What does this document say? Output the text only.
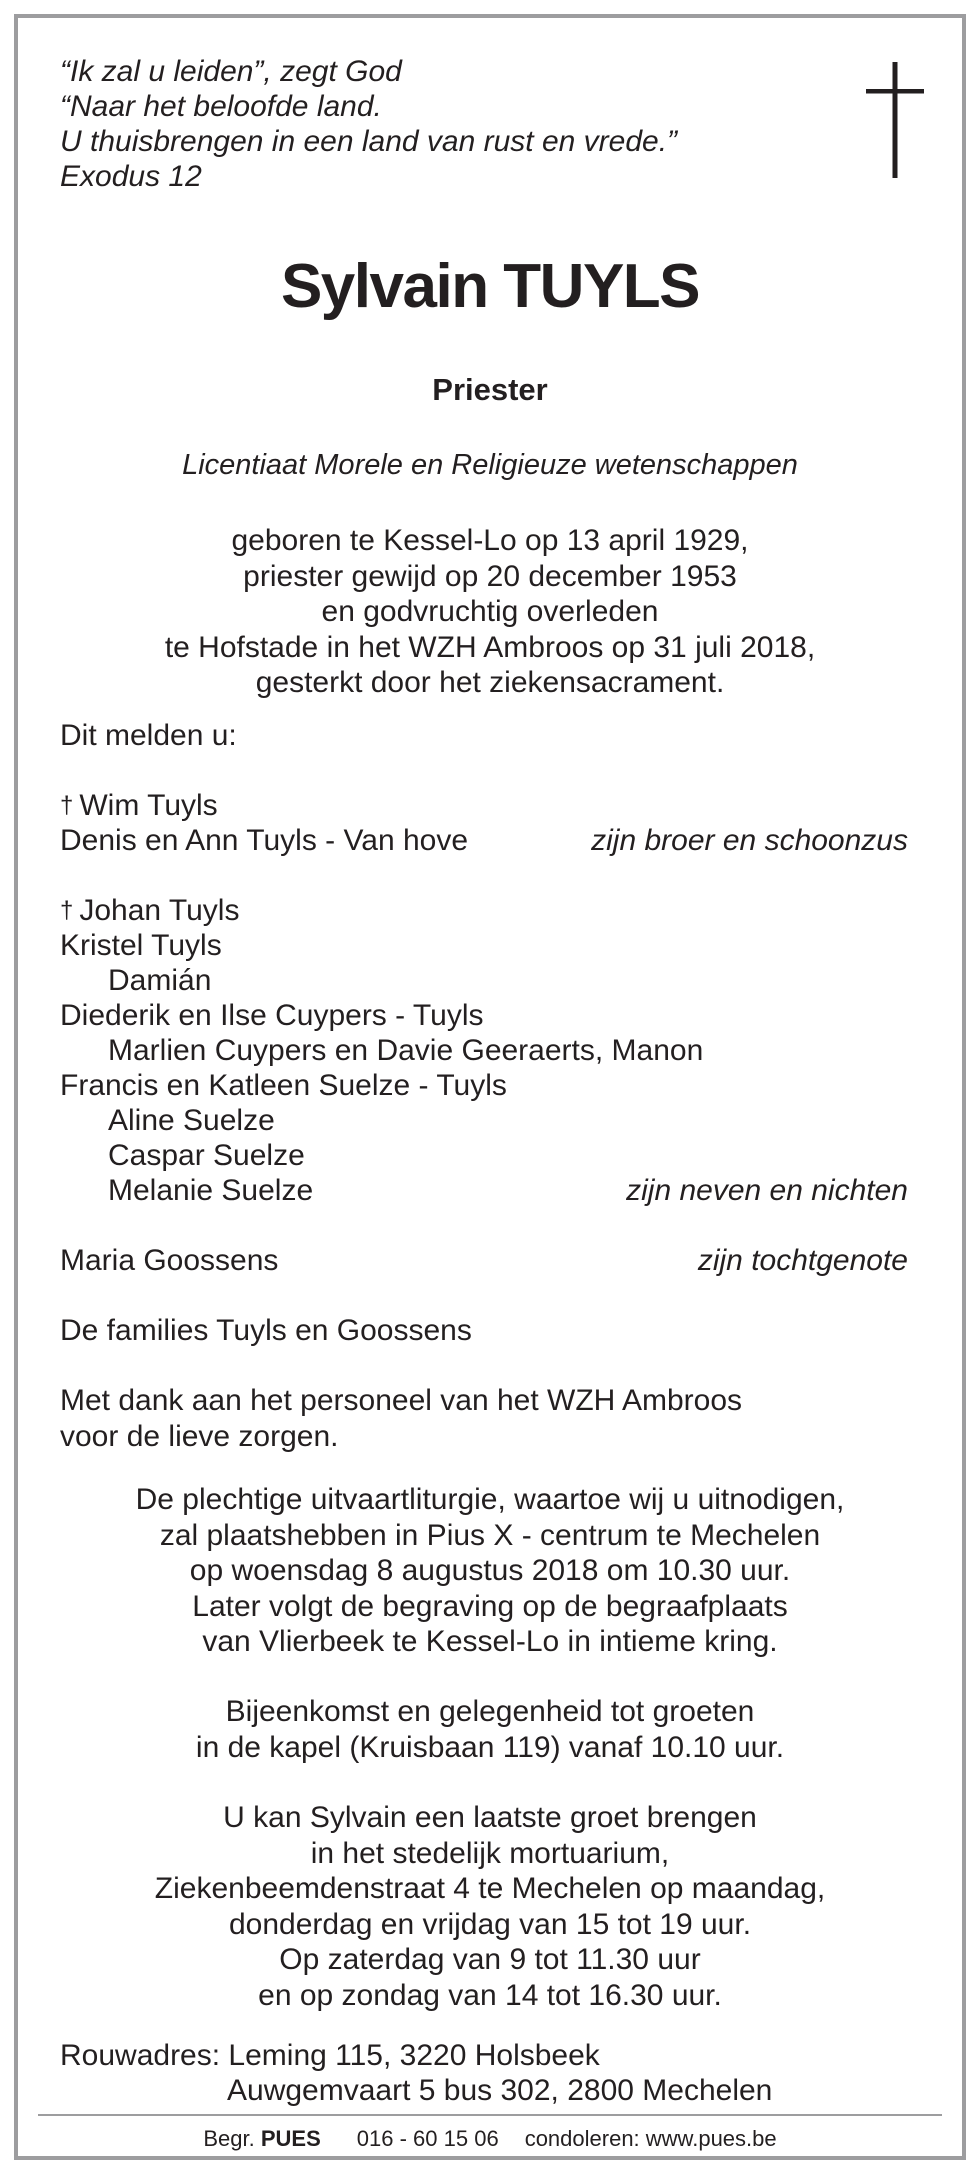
“Ik zal u leiden”, zegt God
“Naar het beloofde land.
U thuisbrengen in een land van rust en vrede.”
Exodus 12
Sylvain TUYLS
Priester
Licentiaat Morele en Religieuze wetenschappen
geboren te Kessel-Lo op 13 april 1929,
priester gewijd op 20 december 1953
en godvruchtig overleden
te Hofstade in het WZH Ambroos op 31 juli 2018,
gesterkt door het ziekensacrament.
Dit melden u:
† Wim Tuyls
Denis en Ann Tuyls - Van hove	zijn broer en schoonzus
† Johan Tuyls
Kristel Tuyls
Damián
Diederik en Ilse Cuypers - Tuyls
Marlien Cuypers en Davie Geeraerts, Manon
Francis en Katleen Suelze - Tuyls
Aline Suelze
Caspar Suelze
Melanie Suelze	zijn neven en nichten
Maria Goossens	zijn tochtgenote
De families Tuyls en Goossens
Met dank aan het personeel van het WZH Ambroos
voor de lieve zorgen.
De plechtige uitvaartliturgie, waartoe wij u uitnodigen,
zal plaatshebben in Pius X - centrum te Mechelen
op woensdag 8 augustus 2018 om 10.30 uur.
Later volgt de begraving op de begraafplaats
van Vlierbeek te Kessel-Lo in intieme kring.
Bijeenkomst en gelegenheid tot groeten
in de kapel (Kruisbaan 119) vanaf 10.10 uur.
U kan Sylvain een laatste groet brengen
in het stedelijk mortuarium,
Ziekenbeemdenstraat 4 te Mechelen op maandag,
donderdag en vrijdag van 15 tot 19 uur.
Op zaterdag van 9 tot 11.30 uur
en op zondag van 14 tot 16.30 uur.
Rouwadres: Leming 115, 3220 Holsbeek
Auwgemvaart 5 bus 302, 2800 Mechelen
Begr. PUES 016 - 60 15 06 condoleren: www.pues.be
